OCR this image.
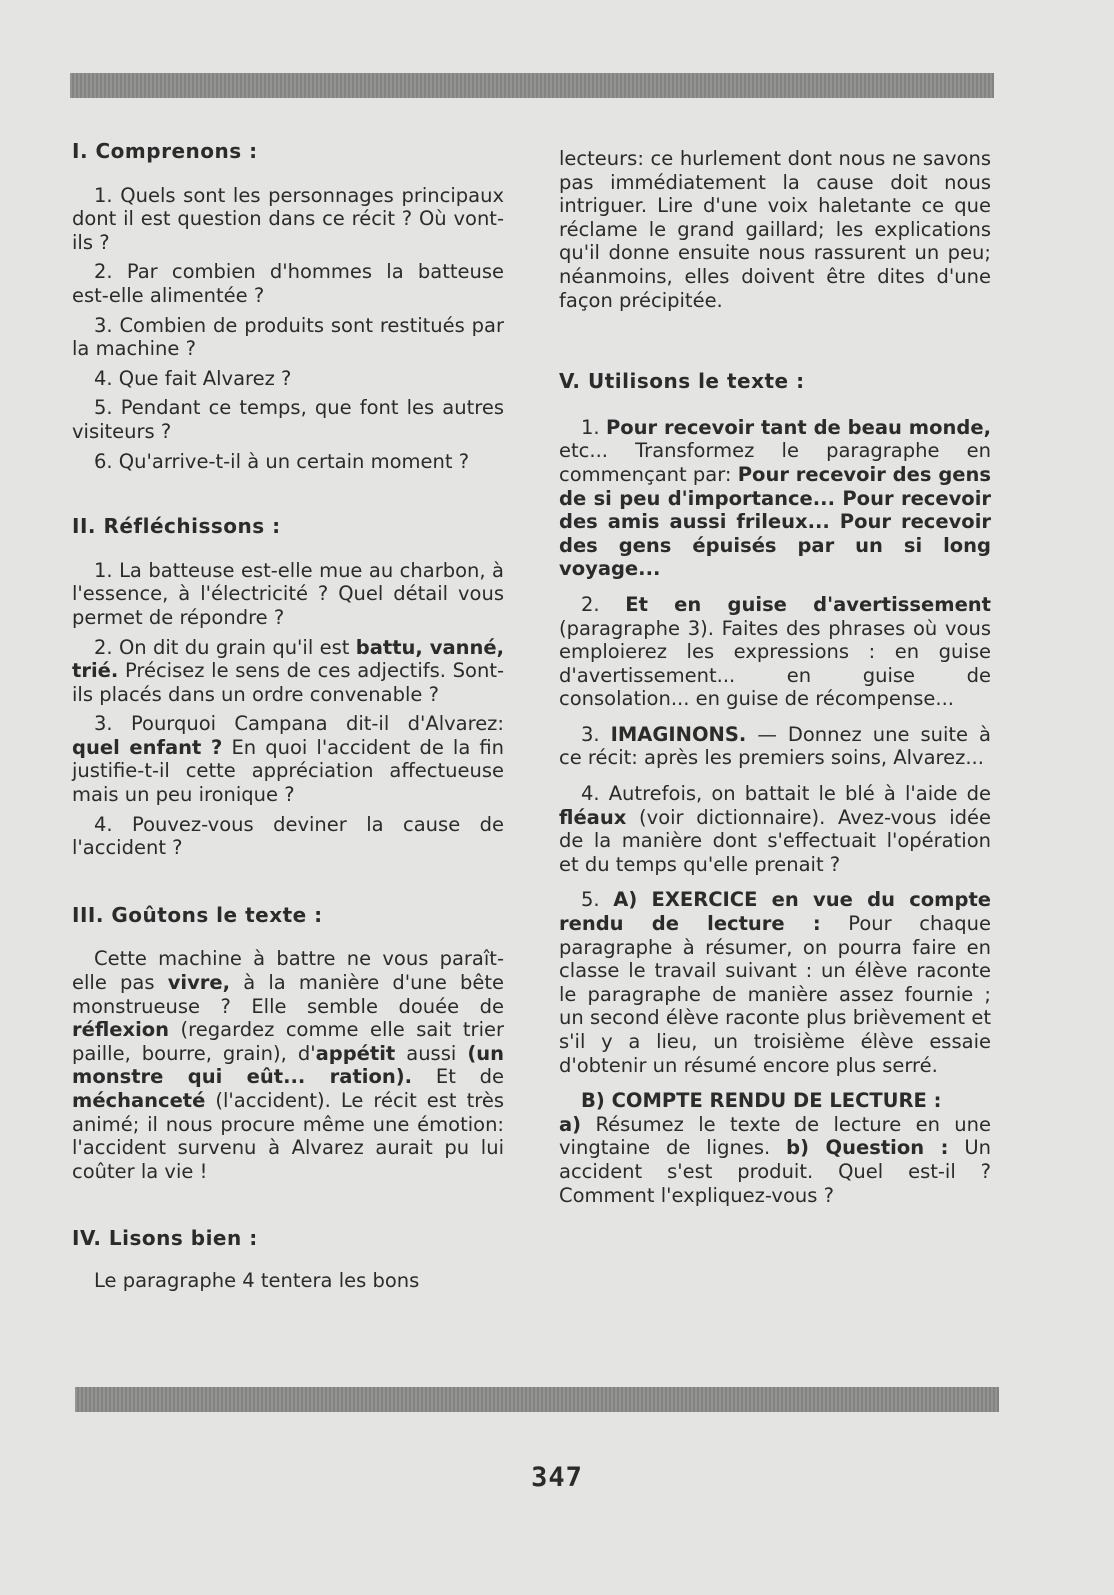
I. Comprenons :

1. Quels sont les personnages principaux dont il est question dans ce récit ? Où vont-ils ?

2. Par combien d'hommes la batteuse est-elle alimentée ?

3. Combien de produits sont restitués par la machine ?

4. Que fait Alvarez ?

5. Pendant ce temps, que font les autres visiteurs ?

6. Qu'arrive-t-il à un certain moment ?

II. Réfléchissons :

1. La batteuse est-elle mue au charbon, à l'essence, à l'électricité ? Quel détail vous permet de répondre ?

2. On dit du grain qu'il est battu, vanné, trié. Précisez le sens de ces adjectifs. Sont-ils placés dans un ordre convenable ?

3. Pourquoi Campana dit-il d'Alvarez: quel enfant ? En quoi l'accident de la fin justifie-t-il cette appréciation affectueuse mais un peu ironique ?

4. Pouvez-vous deviner la cause de l'accident ?

III. Goûtons le texte :

Cette machine à battre ne vous paraît-elle pas vivre, à la manière d'une bête monstrueuse ? Elle semble douée de réflexion (regardez comme elle sait trier paille, bourre, grain), d'appétit aussi (un monstre qui eût... ration). Et de méchanceté (l'accident). Le récit est très animé; il nous procure même une émotion: l'accident survenu à Alvarez aurait pu lui coûter la vie !

IV. Lisons bien :

Le paragraphe 4 tentera les bons

lecteurs: ce hurlement dont nous ne savons pas immédiatement la cause doit nous intriguer. Lire d'une voix haletante ce que réclame le grand gaillard; les explications qu'il donne ensuite nous rassurent un peu; néanmoins, elles doivent être dites d'une façon précipitée.

V. Utilisons le texte :

1. Pour recevoir tant de beau monde, etc... Transformez le paragraphe en commençant par: Pour recevoir des gens de si peu d'importance... Pour recevoir des amis aussi frileux... Pour recevoir des gens épuisés par un si long voyage...

2. Et en guise d'avertissement (paragraphe 3). Faites des phrases où vous emploierez les expressions : en guise d'avertissement... en guise de consolation... en guise de récompense...

3. IMAGINONS. — Donnez une suite à ce récit: après les premiers soins, Alvarez...

4. Autrefois, on battait le blé à l'aide de fléaux (voir dictionnaire). Avez-vous idée de la manière dont s'effectuait l'opération et du temps qu'elle prenait ?

5. A) EXERCICE en vue du compte rendu de lecture : Pour chaque paragraphe à résumer, on pourra faire en classe le travail suivant : un élève raconte le paragraphe de manière assez fournie ; un second élève raconte plus brièvement et s'il y a lieu, un troisième élève essaie d'obtenir un résumé encore plus serré.

B) COMPTE RENDU DE LECTURE :

a) Résumez le texte de lecture en une vingtaine de lignes. b) Question : Un accident s'est produit. Quel est-il ? Comment l'expliquez-vous ?

347
